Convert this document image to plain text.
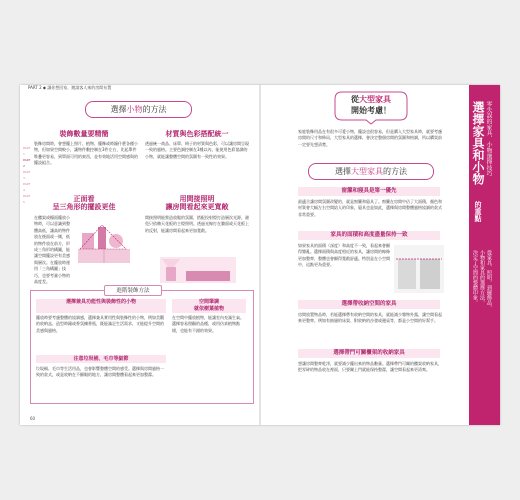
PART 2 ◆ 讓你想回家，邀請客人來的房間布置
PART 1
PART 2
PART 3
PART 4
PART 5
選擇 小物 的方法
裝飾數量要精簡
裝飾房間時，會想擺上照片、植物、擺飾或時鐘什麼各種小物，但如果空間較小，讓物件數控制在3件左右，比起單件堆疊更容易，到單面可用的東西，並有效地活用空間感與的擺設組合。
材質與色彩搭配統一
透過統一商品、床單、椅子的材質與色彩，可以讓房間呈現一致的風格。主要色調控制在3種以內，能使用色彩協調的小物，就能讓整體空間的氛圍有一致性的效果。
正面看
呈三角形的擺設更佳
在櫃架或檯面擺放小物時，可以意識到整體高低，讓高的物件放在後面或一側，低的物件放在前方，形成三角形的構圖，能讓空間擺設更有美感與層次。在擺放時運用「三角構圖」技巧，也要考量小物的高度差。
用間接照明
讓房間看起來更寬敞
間接照明能營造放鬆的氛圍，搭配投射燈打造層次光源，避免只依賴天花板的主燈照明。透過光線打在牆面或天花板上的反射，能讓房間看起來更加寬敞。
進階裝飾方法
選擇兼具功能性與裝飾性的小物
擺放時要考慮整體的協調感，選擇兼具實用性與裝飾性的小物，例如美觀的收納盒、造型時鐘或香氛擴香瓶，既能滿足生活需求，又能提升空間的美感與風格。
空間筆調
就依樹葉植物
在空間中擺放植物，能讓室內充滿生氣。選擇容易照顧的品種，或用仿真植物點綴，也能有不錯的效果。
注意垃圾桶、毛巾等細節
垃圾桶、毛巾等生活用品，也會影響整體空間的感受。選擇與房間風格一致的款式，或是收納在不顯眼的地方，讓房間整體看起來更加整潔。
60
從大型家具
開始考慮！
家庭裝飾用品在有很多可愛小物，擺設也很容易，但是購入大型家具時，就要考慮房間的尺寸和佈局，大型家具的選擇，會決定整個房間的氛圍和格調，所以購買前一定要先想清楚。
選擇 大型家具 的方法
窗簾和寢具是第一優先
最適合讓房間氛圍改變的，就是窗簾和寢具了。窗簾在房間中佔了大面積，顏色和材質會大幅左右空間給人的印象，寢具也是如此，選擇與房間整體風格協調的款式非常重要。
家具的面積和高度盡量保持一致
如果家具的面積（深度）和高度不一致，看起來會顯得雜亂。選擇面積與高度相近的家具，讓房間的線條更加整齊，整體也會顯得寬敞舒適。特別是在小空間中，這點更為重要。
選擇帶收納空間的家具
房間放置物品時，若能選擇帶有收納空間的家具，就能減少雜物外露，讓空間看起來更整齊。例如有抽屜的床架、附收納的沙發或邊桌等，都是小空間的好幫手。
選擇帶門可關櫃架的收納家具
想讓房間整齊乾淨，就要減少擺出來的物品數量。選擇帶門可關的櫃架收納家具，把零碎的物品收在裡面，只要關上門就能保持整潔，讓空間看起來更清爽。
零失誤的家具．小物選擇技巧
選擇家具和小物
的重點
從家具、照明，到擺飾品，
小物和家具的選擇方法，
決定了空間的整體印象。
